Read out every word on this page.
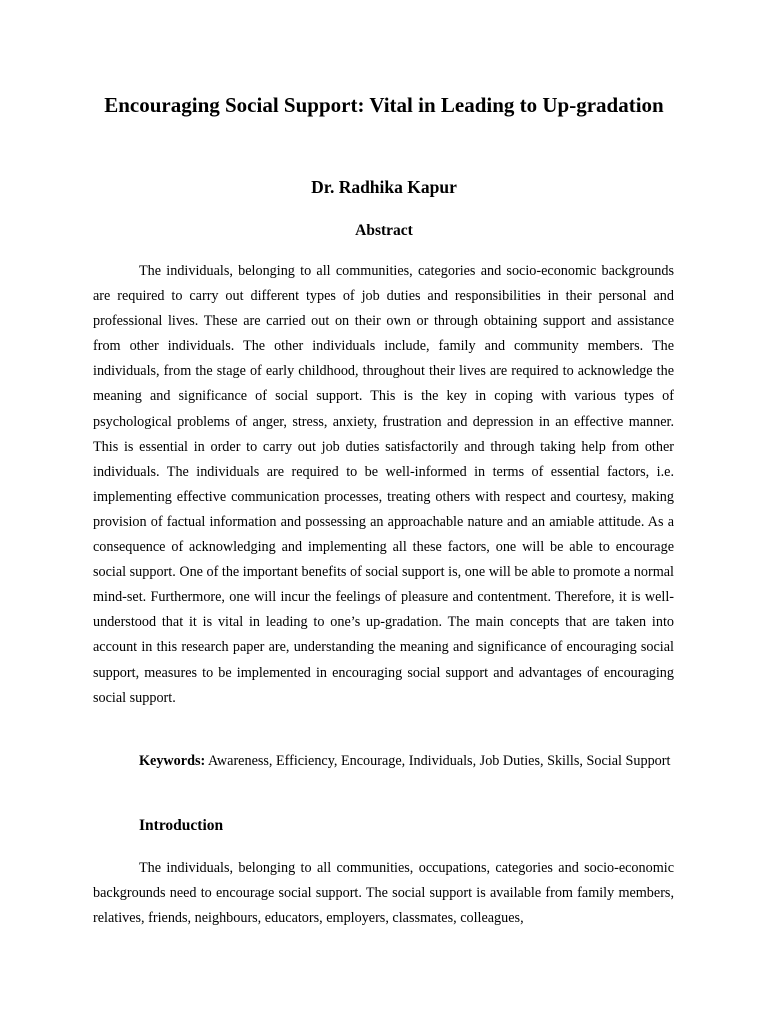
Encouraging Social Support: Vital in Leading to Up-gradation

Dr. Radhika Kapur

Abstract

The individuals, belonging to all communities, categories and socio-economic backgrounds are required to carry out different types of job duties and responsibilities in their personal and professional lives. These are carried out on their own or through obtaining support and assistance from other individuals. The other individuals include, family and community members. The individuals, from the stage of early childhood, throughout their lives are required to acknowledge the meaning and significance of social support. This is the key in coping with various types of psychological problems of anger, stress, anxiety, frustration and depression in an effective manner. This is essential in order to carry out job duties satisfactorily and through taking help from other individuals. The individuals are required to be well-informed in terms of essential factors, i.e. implementing effective communication processes, treating others with respect and courtesy, making provision of factual information and possessing an approachable nature and an amiable attitude. As a consequence of acknowledging and implementing all these factors, one will be able to encourage social support. One of the important benefits of social support is, one will be able to promote a normal mind-set. Furthermore, one will incur the feelings of pleasure and contentment. Therefore, it is well-understood that it is vital in leading to one’s up-gradation. The main concepts that are taken into account in this research paper are, understanding the meaning and significance of encouraging social support, measures to be implemented in encouraging social support and advantages of encouraging social support.

Keywords: Awareness, Efficiency, Encourage, Individuals, Job Duties, Skills, Social Support

Introduction

The individuals, belonging to all communities, occupations, categories and socio-economic backgrounds need to encourage social support. The social support is available from family members, relatives, friends, neighbours, educators, employers, classmates, colleagues,
